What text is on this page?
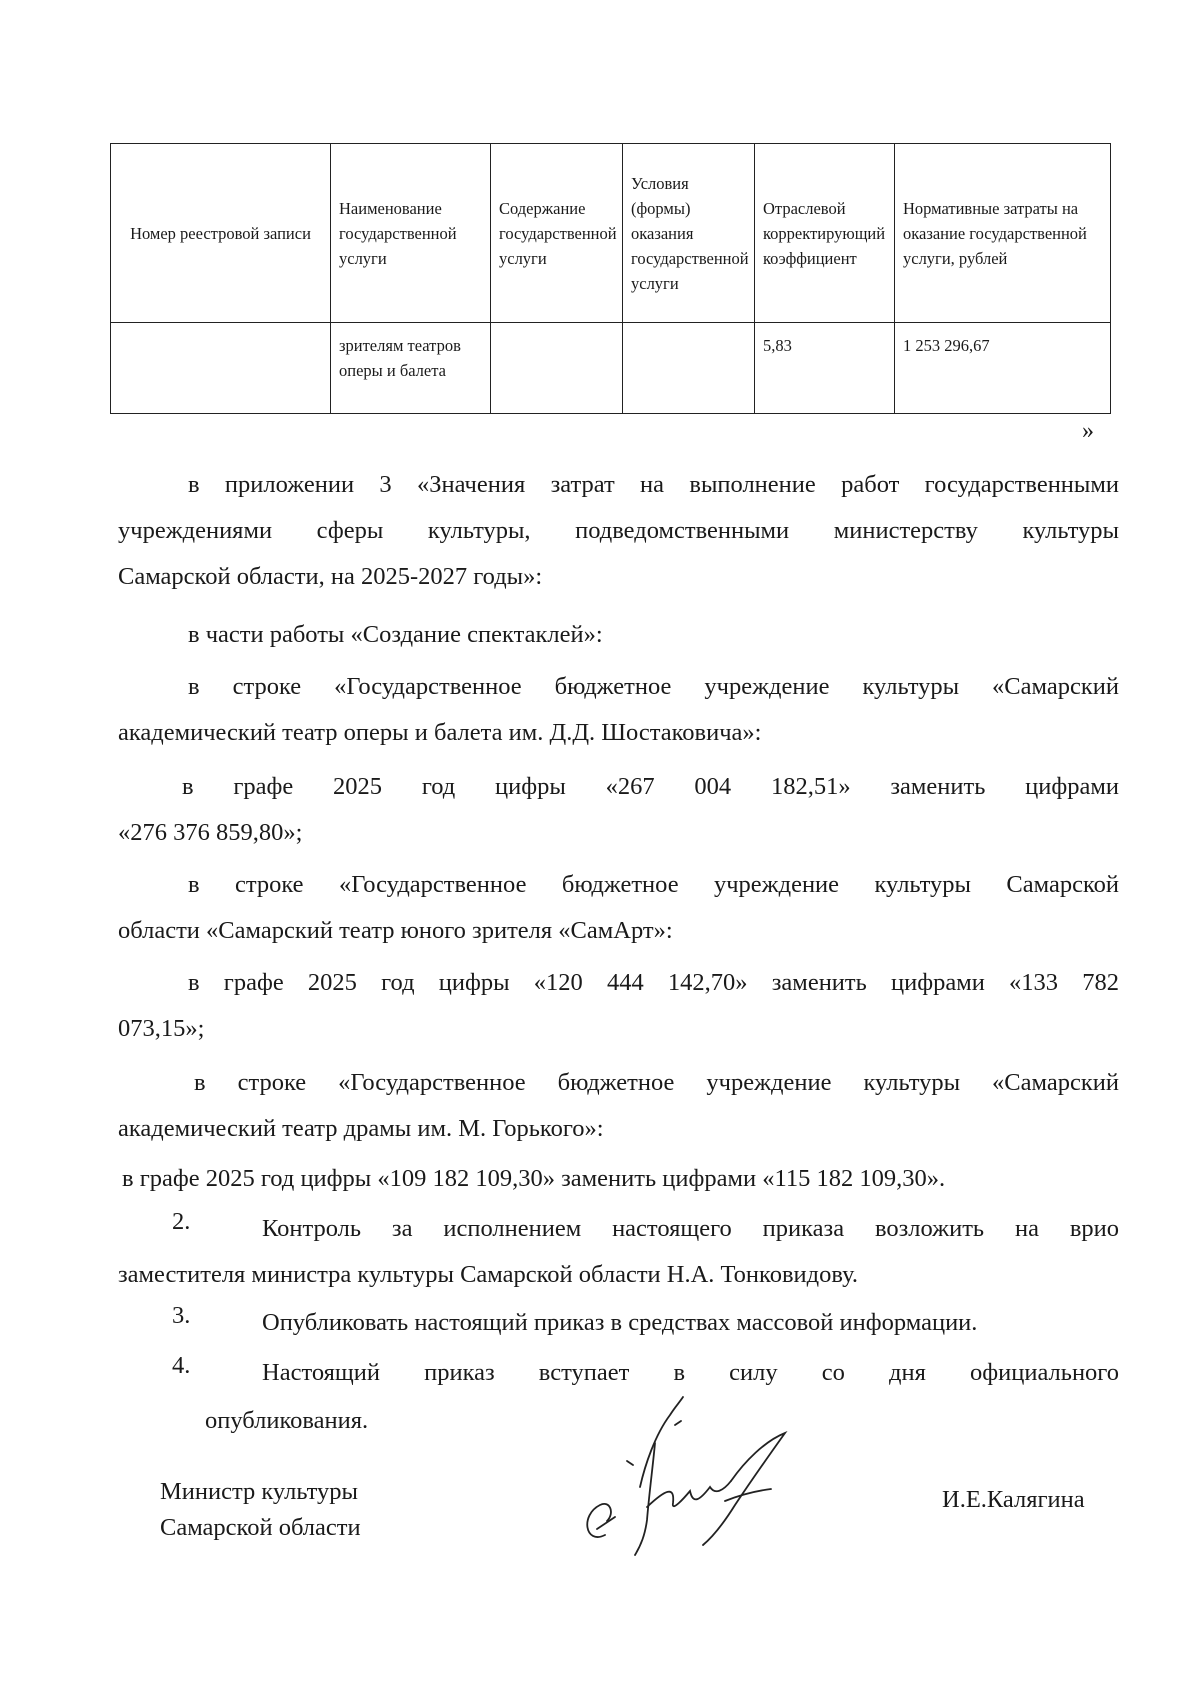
Номер реестровой записи	Наименование государственной услуги	Содержание государственной услуги	Условия (формы) оказания государственной услуги	Отраслевой корректирующий коэффициент	Нормативные затраты на оказание государственной услуги, рублей
	зрителям театров оперы и балета			5,83	1 253 296,67
»

в приложении 3 «Значения затрат на выполнение работ государственными

учреждениями сферы культуры, подведомственными министерству культуры

Самарской области, на 2025-2027 годы»:

в части работы «Создание спектаклей»:

в строке «Государственное бюджетное учреждение культуры «Самарский

академический театр оперы и балета им. Д.Д. Шостаковича»:

в графе 2025 год цифры «267 004 182,51» заменить цифрами

«276 376 859,80»;

в строке «Государственное бюджетное учреждение культуры Самарской

области «Самарский театр юного зрителя «СамАрт»:

в графе 2025 год цифры «120 444 142,70» заменить цифрами «133 782

073,15»;

в строке «Государственное бюджетное учреждение культуры «Самарский

академический театр драмы им. М. Горького»:

в графе 2025 год цифры «109 182 109,30» заменить цифрами «115 182 109,30».

2.	Контроль за исполнением настоящего приказа возложить на врио

заместителя министра культуры Самарской области Н.А. Тонковидову.

3.	Опубликовать настоящий приказ в средствах массовой информации.

4.	Настоящий приказ вступает в силу со дня официального

опубликования.

Министр культуры
Самарской области
И.Е.Калягина
